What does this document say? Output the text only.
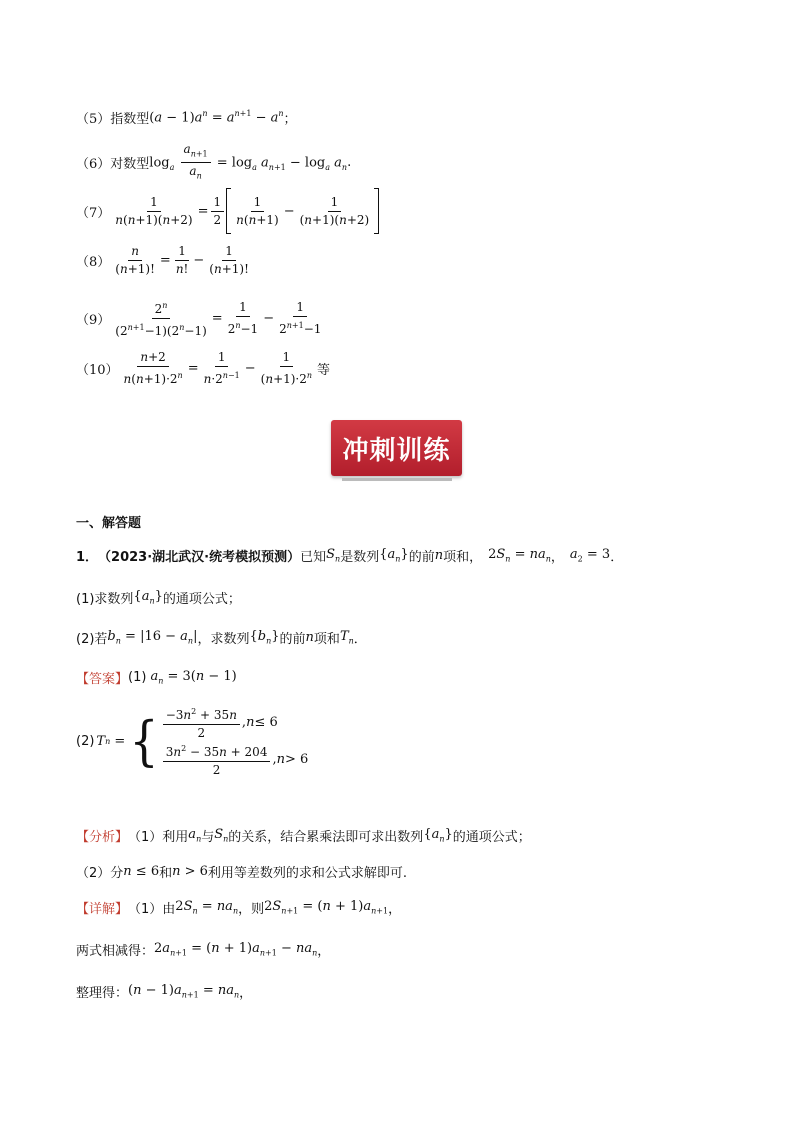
（5） 指数型 $(a - 1)a^n = a^{n+1} - a^n$ ；
（6） 对数型 $\log_a \frac{a_{n+1}}{a_n} = \log_a a_{n+1} - \log_a a_n$ .
$(7) \frac{1}{n(n+1)(n+2)} = \frac{1}{2} \frac{1}{n(n+1)} - \frac{1}{(n+1)(n+2)}$
$(8) \frac{n}{(n+1)!} = \frac{1}{n!} - \frac{1}{(n+1)!}$
$(9) \frac{2^n}{(2^{n+1}-1)(2^n-1)} = \frac{1}{2^n-1} - \frac{1}{2^{n+1}-1}$
$(10) \frac{n+2}{n(n+1)\cdot 2^n} = \frac{1}{n\cdot 2^{n-1}} - \frac{1}{(n+1)\cdot 2^n}$ 等
冲刺训练
一、解答题
1． （2023·湖北武汉·统考模拟预测） 已知 $S_n$ 是数列 $\{a_n\}$ 的前 n 项和， $2S_n = na_n$ ， $a_2 = 3$ ．
(1)求数列 $\{a_n\}$ 的通项公式；
(2)若 $b_n = |16 - a_n|$ ，求数列 $\{b_n\}$ 的前 n 项和 $T_n$ ．
【答案】 (1) $a_n = 3(n - 1)$
(2) T n = { $\frac{-3n^2 + 35n}{2}$ , n ≤ 6
$\frac{3n^2 - 35n + 204}{2}$ , n > 6
【分析】 （1）利用 $a_n$ 与 $S_n$ 的关系，结合累乘法即可求出数列 $\{a_n\}$ 的通项公式；
（2）分 n ≤ 6 和 n > 6 利用等差数列的求和公式求解即可.
【详解】 （1）由 $2S_n = na_n$ ，则 $2S_{n+1} = (n + 1)a_{n+1}$ ，
两式相减得： $2a_{n+1} = (n + 1)a_{n+1} - na_n$ ，
整理得： $(n - 1)a_{n+1} = na_n$ ，
